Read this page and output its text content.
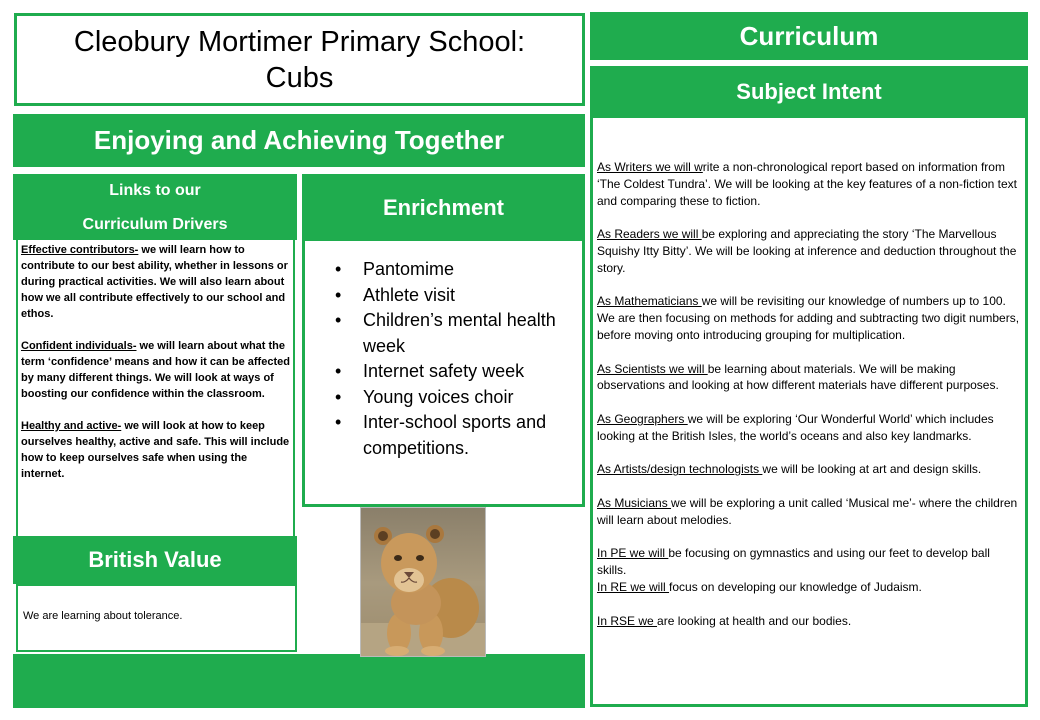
Cleobury Mortimer Primary School:
Cubs
Curriculum
Enjoying and Achieving Together
Links to our
Curriculum Drivers

Effective contributors- we will learn how to contribute to our best ability, whether in lessons or during practical activities. We will also learn about how we all contribute effectively to our school and ethos.

Confident individuals- we will learn about what the term ‘confidence’ means and how it can be affected by many different things. We will look at ways of boosting our confidence within the classroom.

Healthy and active- we will look at how to keep ourselves healthy, active and safe. This will include how to keep ourselves safe when using the internet.

British Value
We are learning about tolerance.
Enrichment
• Pantomime
• Athlete visit
• Children’s mental health week
• Internet safety week
• Young voices choir
• Inter-school sports and competitions.
Subject Intent

As Writers we will write a non-chronological report based on information from ‘The Coldest Tundra’. We will be looking at the key features of a non-fiction text and comparing these to fiction.

As Readers we will be exploring and appreciating the story ‘The Marvellous Squishy Itty Bitty’. We will be looking at inference and deduction throughout the story.

As Mathematicians we will be revisiting our knowledge of numbers up to 100. We are then focusing on methods for adding and subtracting two digit numbers, before moving onto introducing grouping for multiplication.

As Scientists we will be learning about materials. We will be making observations and looking at how different materials have different purposes.

As Geographers we will be exploring ‘Our Wonderful World’ which includes looking at the British Isles, the world’s oceans and also key landmarks.

As Artists/design technologists we will be looking at art and design skills.

As Musicians we will be exploring a unit called ‘Musical me’- where the children will learn about melodies.

In PE we will be focusing on gymnastics and using our feet to develop ball skills.

In RE we will focus on developing our knowledge of Judaism.

In RSE we are looking at health and our bodies.
